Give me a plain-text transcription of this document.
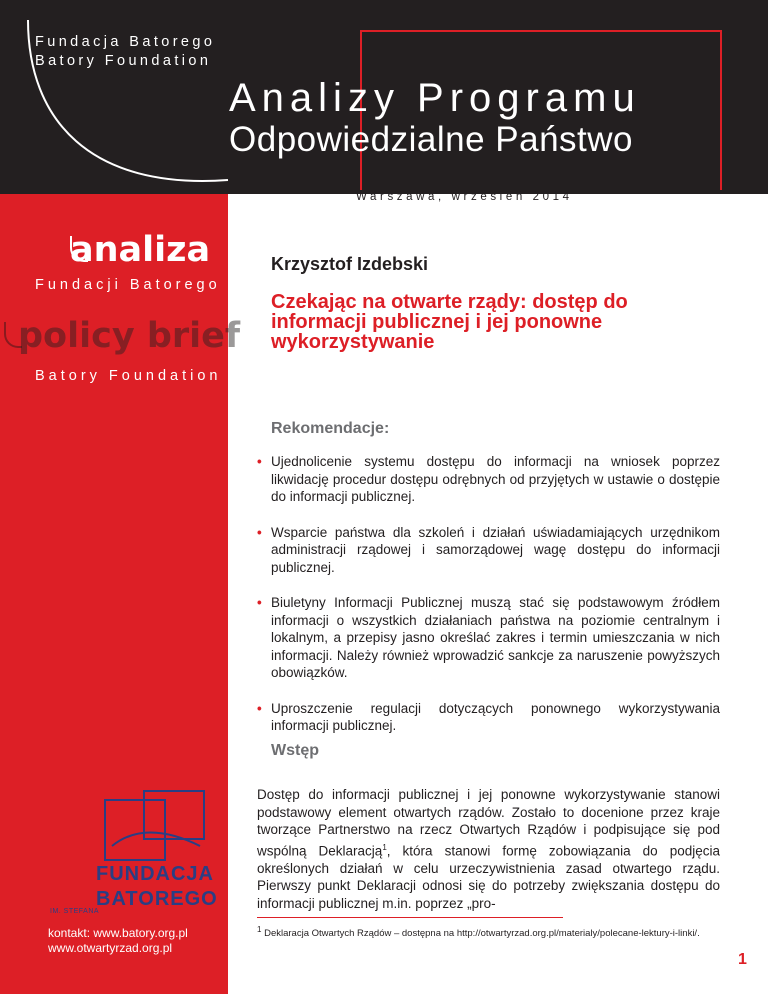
Fundacja Batorego
Batory Foundation
Analizy Programu
Odpowiedzialne Państwo
Warszawa, wrzesień 2014
analiza
Fundacji Batorego
policy brief
Batory Foundation
FUNDACJA
BATOREGO
IM. STEFANA
kontakt: www.batory.org.pl
www.otwartyrzad.org.pl
Krzysztof Izdebski
Czekając na otwarte rządy: dostęp do informacji publicznej i jej ponowne wykorzystywanie
Rekomendacje:
• Ujednolicenie systemu dostępu do informacji na wniosek poprzez likwidację procedur dostępu odrębnych od przyjętych w ustawie o dostępie do informacji publicznej.
• Wsparcie państwa dla szkoleń i działań uświadamiających urzędnikom administracji rządowej i samorządowej wagę dostępu do informacji publicznej.
• Biuletyny Informacji Publicznej muszą stać się podstawowym źródłem informacji o wszystkich działaniach państwa na poziomie centralnym i lokalnym, a przepisy jasno określać zakres i termin umieszczania w nich informacji. Należy również wprowadzić sankcje za naruszenie powyższych obowiązków.
• Uproszczenie regulacji dotyczących ponownego wykorzystywania informacji publicznej.
Wstęp

Dostęp do informacji publicznej i jej ponowne wykorzystywanie stanowi podstawowy element otwartych rządów. Zostało to docenione przez kraje tworzące Partnerstwo na rzecz Otwartych Rządów i podpisujące się pod wspólną Deklaracją$^1$, która stanowi formę zobowiązania do podjęcia określonych działań w celu urzeczywistnienia zasad otwartego rządu. Pierwszy punkt Deklaracji odnosi się do potrzeby zwiększania dostępu do informacji publicznej m.in. poprzez „pro-

$^1$ Deklaracja Otwartych Rządów – dostępna na http://otwartyrzad.org.pl/materialy/polecane-lektury-i-linki/.

1
